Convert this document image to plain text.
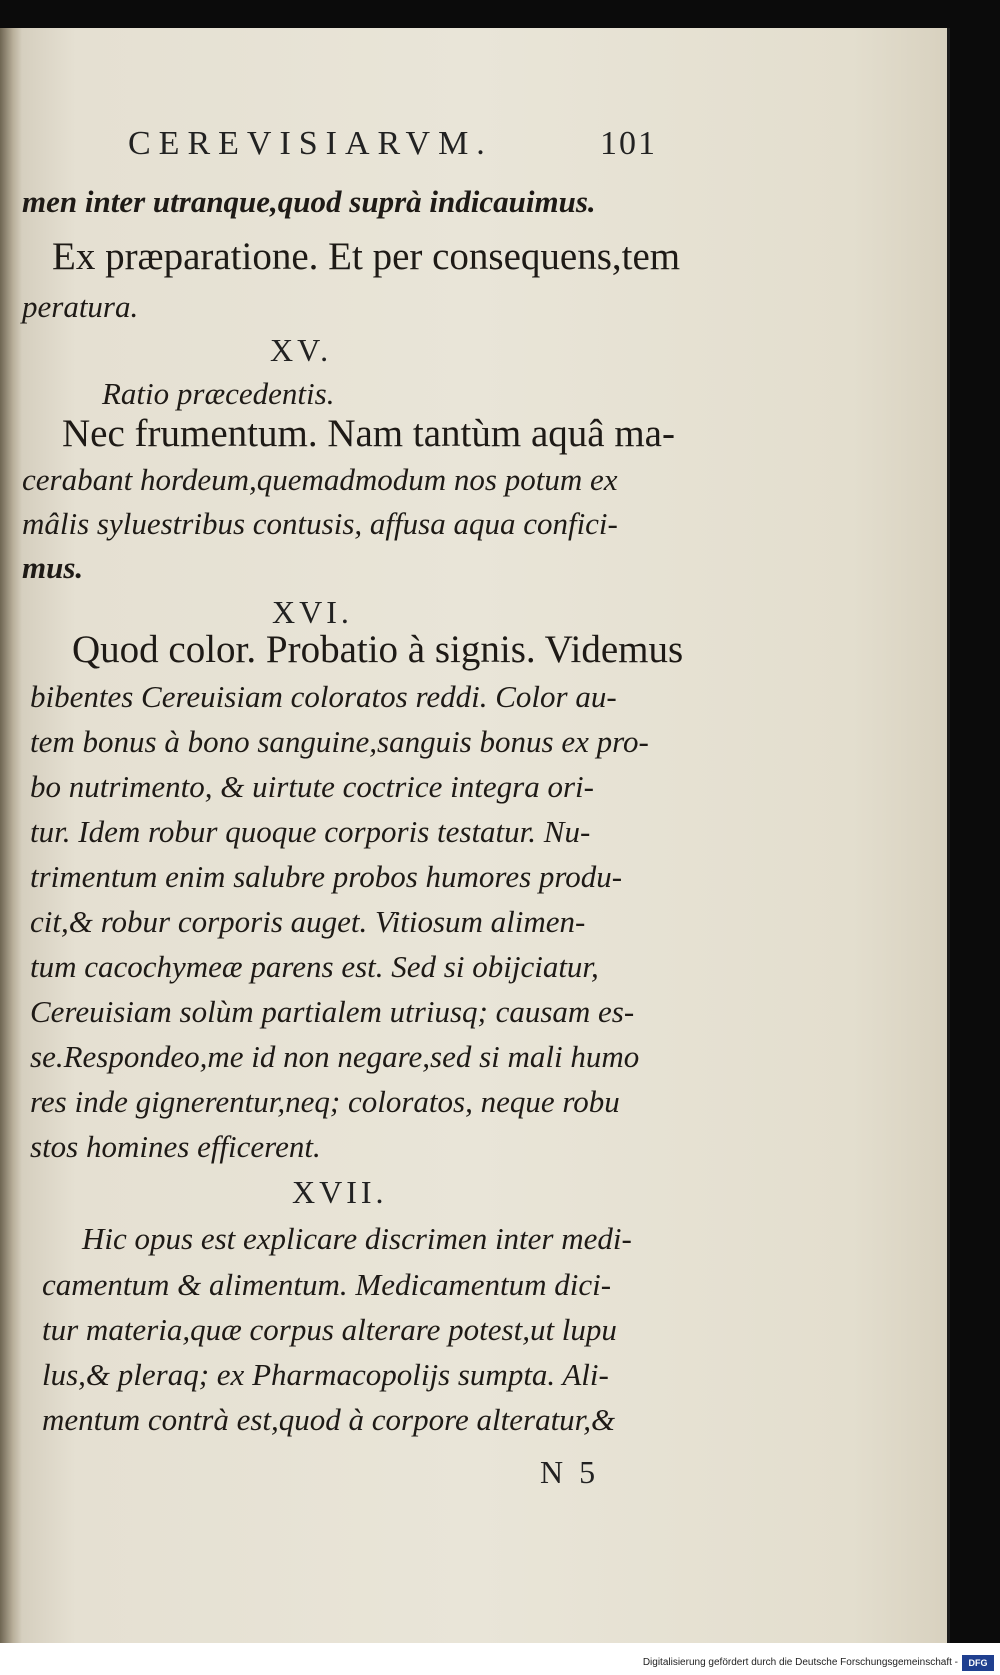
CEREVISIARVM.	101
men inter utranque,quod suprà indicauimus.
Ex præparatione. Et per consequens,tem
peratura.
XV.
Ratio præcedentis.
Nec frumentum. Nam tantùm aquâ ma-
cerabant hordeum,quemadmodum nos potum ex
mâlis syluestribus contusis, affusa aqua confici-
mus.
XVI.
Quod color. Probatio à signis. Videmus
bibentes Cereuisiam coloratos reddi. Color au-
tem bonus à bono sanguine,sanguis bonus ex pro-
bo nutrimento, & uirtute coctrice integra ori-
tur. Idem robur quoque corporis testatur. Nu-
trimentum enim salubre probos humores produ-
cit,& robur corporis auget. Vitiosum alimen-
tum cacochymeæ parens est. Sed si obijciatur,
Cereuisiam solùm partialem utriusq; causam es-
se.Respondeo,me id non negare,sed si mali humo
res inde gignerentur,neq; coloratos, neque robu
stos homines efficerent.
XVII.
Hic opus est explicare discrimen inter medi-
camentum & alimentum. Medicamentum dici-
tur materia,quæ corpus alterare potest,ut lupu
lus,& pleraq; ex Pharmacopolijs sumpta. Ali-
mentum contrà est,quod à corpore alteratur,&
N 5
Digitalisierung gefördert durch die Deutsche Forschungsgemeinschaft -	DFG
